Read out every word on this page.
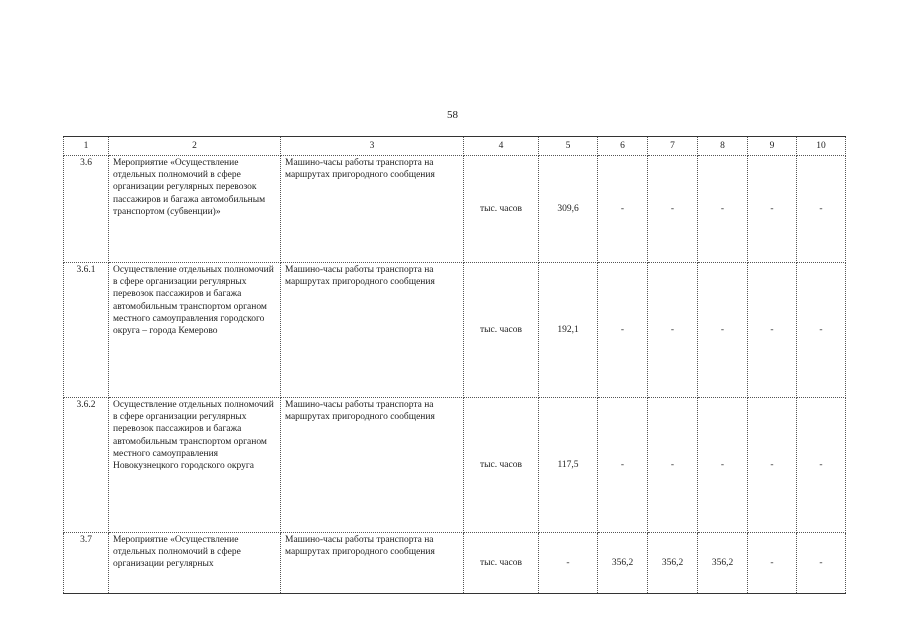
58
1	2	3	4	5	6	7	8	9	10
3.6	Мероприятие «Осуществление отдельных полномочий в сфере организации регулярных перевозок пассажиров и багажа автомобильным транспортом (субвенции)»	Машино-часы работы транспорта на маршрутах пригородного сообщения	тыс. часов	309,6	-	-	-	-	-
3.6.1	Осуществление отдельных полномочий в сфере организации регулярных перевозок пассажиров и багажа автомобильным транспортом органом местного самоуправления городского округа – города Кемерово	Машино-часы работы транспорта на маршрутах пригородного сообщения	тыс. часов	192,1	-	-	-	-	-
3.6.2	Осуществление отдельных полномочий в сфере организации регулярных перевозок пассажиров и багажа автомобильным транспортом органом местного самоуправления Новокузнецкого городского округа	Машино-часы работы транспорта на маршрутах пригородного сообщения	тыс. часов	117,5	-	-	-	-	-
3.7	Мероприятие «Осуществление отдельных полномочий в сфере организации регулярных	Машино-часы работы транспорта на маршрутах пригородного сообщения	тыс. часов	-	356,2	356,2	356,2	-	-
